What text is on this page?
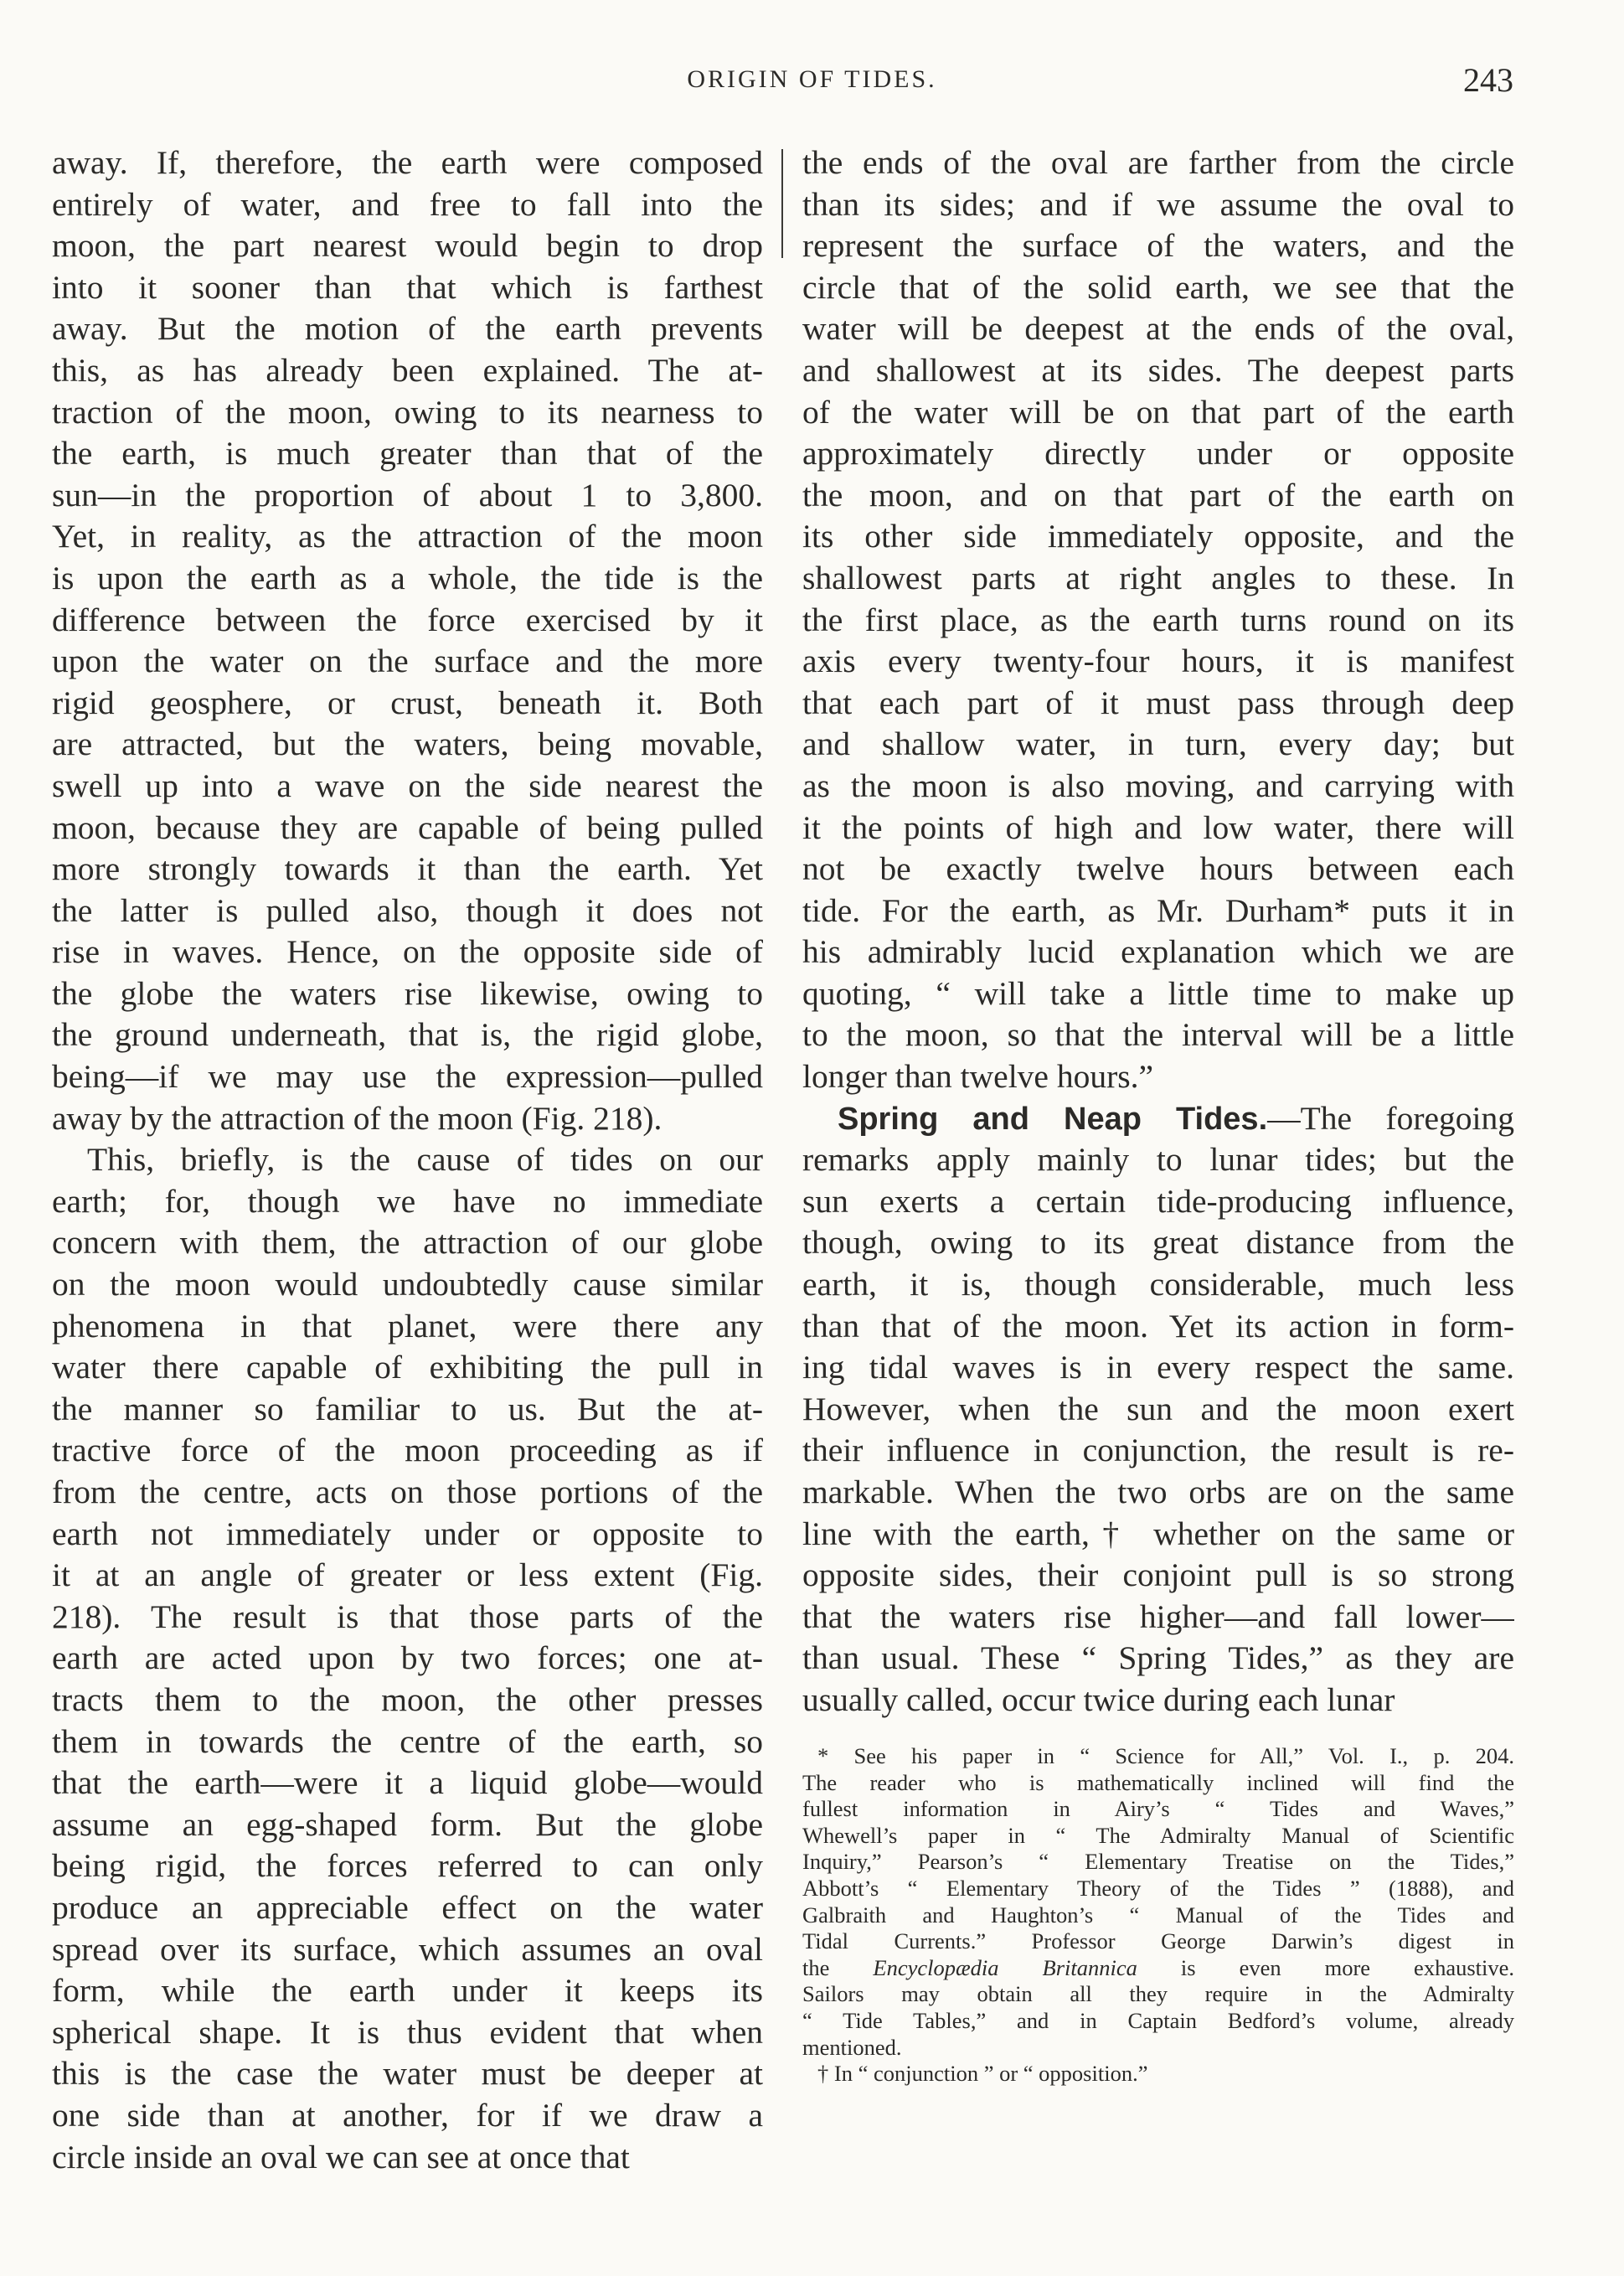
ORIGIN OF TIDES.	243
away. If, therefore, the earth were composed
entirely of water, and free to fall into the
moon, the part nearest would begin to drop
into it sooner than that which is farthest
away. But the motion of the earth prevents
this, as has already been explained. The at-
traction of the moon, owing to its nearness to
the earth, is much greater than that of the
sun—in the proportion of about 1 to 3,800.
Yet, in reality, as the attraction of the moon
is upon the earth as a whole, the tide is the
difference between the force exercised by it
upon the water on the surface and the more
rigid geosphere, or crust, beneath it. Both
are attracted, but the waters, being movable,
swell up into a wave on the side nearest the
moon, because they are capable of being pulled
more strongly towards it than the earth. Yet
the latter is pulled also, though it does not
rise in waves. Hence, on the opposite side of
the globe the waters rise likewise, owing to
the ground underneath, that is, the rigid globe,
being—if we may use the expression—pulled
away by the attraction of the moon (Fig. 218).
This, briefly, is the cause of tides on our
earth; for, though we have no immediate
concern with them, the attraction of our globe
on the moon would undoubtedly cause similar
phenomena in that planet, were there any
water there capable of exhibiting the pull in
the manner so familiar to us. But the at-
tractive force of the moon proceeding as if
from the centre, acts on those portions of the
earth not immediately under or opposite to
it at an angle of greater or less extent (Fig.
218). The result is that those parts of the
earth are acted upon by two forces; one at-
tracts them to the moon, the other presses
them in towards the centre of the earth, so
that the earth—were it a liquid globe—would
assume an egg-shaped form. But the globe
being rigid, the forces referred to can only
produce an appreciable effect on the water
spread over its surface, which assumes an oval
form, while the earth under it keeps its
spherical shape. It is thus evident that when
this is the case the water must be deeper at
one side than at another, for if we draw a
circle inside an oval we can see at once that
the ends of the oval are farther from the circle
than its sides; and if we assume the oval to
represent the surface of the waters, and the
circle that of the solid earth, we see that the
water will be deepest at the ends of the oval,
and shallowest at its sides. The deepest parts
of the water will be on that part of the earth
approximately directly under or opposite
the moon, and on that part of the earth on
its other side immediately opposite, and the
shallowest parts at right angles to these. In
the first place, as the earth turns round on its
axis every twenty-four hours, it is manifest
that each part of it must pass through deep
and shallow water, in turn, every day; but
as the moon is also moving, and carrying with
it the points of high and low water, there will
not be exactly twelve hours between each
tide. For the earth, as Mr. Durham* puts it in
his admirably lucid explanation which we are
quoting, “ will take a little time to make up
to the moon, so that the interval will be a little
longer than twelve hours.”
Spring and Neap Tides.—The foregoing
remarks apply mainly to lunar tides; but the
sun exerts a certain tide-producing influence,
though, owing to its great distance from the
earth, it is, though considerable, much less
than that of the moon. Yet its action in form-
ing tidal waves is in every respect the same.
However, when the sun and the moon exert
their influence in conjunction, the result is re-
markable. When the two orbs are on the same
line with the earth,† whether on the same or
opposite sides, their conjoint pull is so strong
that the waters rise higher—and fall lower—
than usual. These “ Spring Tides,” as they are
usually called, occur twice during each lunar
* See his paper in “ Science for All,” Vol. I., p. 204.
The reader who is mathematically inclined will find the
fullest information in Airy’s “ Tides and Waves,”
Whewell’s paper in “ The Admiralty Manual of Scientific
Inquiry,” Pearson’s “ Elementary Treatise on the Tides,”
Abbott’s “ Elementary Theory of the Tides ” (1888), and
Galbraith and Haughton’s “ Manual of the Tides and
Tidal Currents.” Professor George Darwin’s digest in
the Encyclopædia Britannica is even more exhaustive.
Sailors may obtain all they require in the Admiralty
“ Tide Tables,” and in Captain Bedford’s volume, already
mentioned.
† In “ conjunction ” or “ opposition.”
